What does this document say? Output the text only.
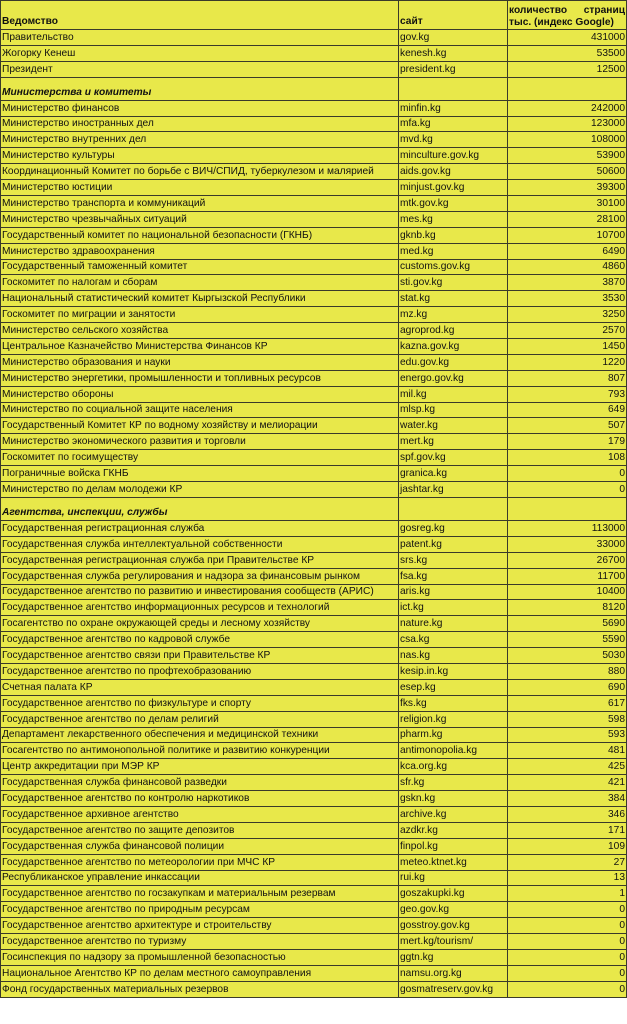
Ведомство	сайт	количество страниц тыс. (индекс Google)
Правительство	gov.kg	431000
Жогорку Кенеш	kenesh.kg	53500
Президент	president.kg	12500
Министерства и комитеты		
Министерство финансов	minfin.kg	242000
Министерство иностранных дел	mfa.kg	123000
Министерство внутренних дел	mvd.kg	108000
Министерство культуры	minculture.gov.kg	53900
Координационный Комитет по борьбе с ВИЧ/СПИД, туберкулезом и малярией	aids.gov.kg	50600
Министерство юстиции	minjust.gov.kg	39300
Министерство транспорта и коммуникаций	mtk.gov.kg	30100
Министерство чрезвычайных ситуаций	mes.kg	28100
Государственный комитет по национальной безопасности (ГКНБ)	gknb.kg	10700
Министерство здравоохранения	med.kg	6490
Государственный таможенный комитет	customs.gov.kg	4860
Госкомитет по налогам и сборам	sti.gov.kg	3870
Национальный статистический комитет Кыргызской Республики	stat.kg	3530
Госкомитет по миграции и занятости	mz.kg	3250
Министерство сельского хозяйства	agroprod.kg	2570
Центральное Казначейство Министерства Финансов КР	kazna.gov.kg	1450
Министерство образования и науки	edu.gov.kg	1220
Министерство энергетики, промышленности и топливных ресурсов	energo.gov.kg	807
Министерство обороны	mil.kg	793
Министерство по социальной защите населения	mlsp.kg	649
Государственный Комитет КР по водному хозяйству и мелиорации	water.kg	507
Министерство экономического развития и торговли	mert.kg	179
Госкомитет по госимуществу	spf.gov.kg	108
Пограничные войска ГКНБ	granica.kg	0
Министерство по делам молодежи КР	jashtar.kg	0
Агентства, инспекции, службы		
Государственная регистрационная служба	gosreg.kg	113000
Государственная служба интеллектуальной собственности	patent.kg	33000
Государственная регистрационная служба при Правительстве КР	srs.kg	26700
Государственная служба регулирования и надзора за финансовым рынком	fsa.kg	11700
Государственное агентство по развитию и инвестирования сообществ (АРИС)	aris.kg	10400
Государственное агентство информационных ресурсов и технологий	ict.kg	8120
Госагентство по охране окружающей среды и лесному хозяйству	nature.kg	5690
Государственное агентство по кадровой службе	csa.kg	5590
Государственное агентство связи при Правительстве КР	nas.kg	5030
Государственное агентство по профтехобразованию	kesip.in.kg	880
Счетная палата КР	esep.kg	690
Государственное агентство по физкультуре и спорту	fks.kg	617
Государственное агентство по делам религий	religion.kg	598
Департамент лекарственного обеспечения и медицинской техники	pharm.kg	593
Госагентство по антимонопольной политике и развитию конкуренции	antimonopolia.kg	481
Центр аккредитации при МЭР КР	kca.org.kg	425
Государственная служба финансовой разведки	sfr.kg	421
Государственное агентство по контролю наркотиков	gskn.kg	384
Государственное архивное агентство	archive.kg	346
Государственное агентство по защите депозитов	azdkr.kg	171
Государственная служба финансовой полиции	finpol.kg	109
Государственное агентство по метеорологии при МЧС КР	meteo.ktnet.kg	27
Республиканское управление инкассации	rui.kg	13
Государственное агентство по госзакупкам и материальным резервам	goszakupki.kg	1
Государственное агентство по природным ресурсам	geo.gov.kg	0
Государственное агентство архитектуре и строительству	gosstroy.gov.kg	0
Государственное агентство по туризму	mert.kg/tourism/	0
Госинспекция по надзору за промышленной безопасностью	ggtn.kg	0
Национальное Агентство КР по делам местного самоуправления	namsu.org.kg	0
Фонд государственных материальных резервов	gosmatreserv.gov.kg	0
